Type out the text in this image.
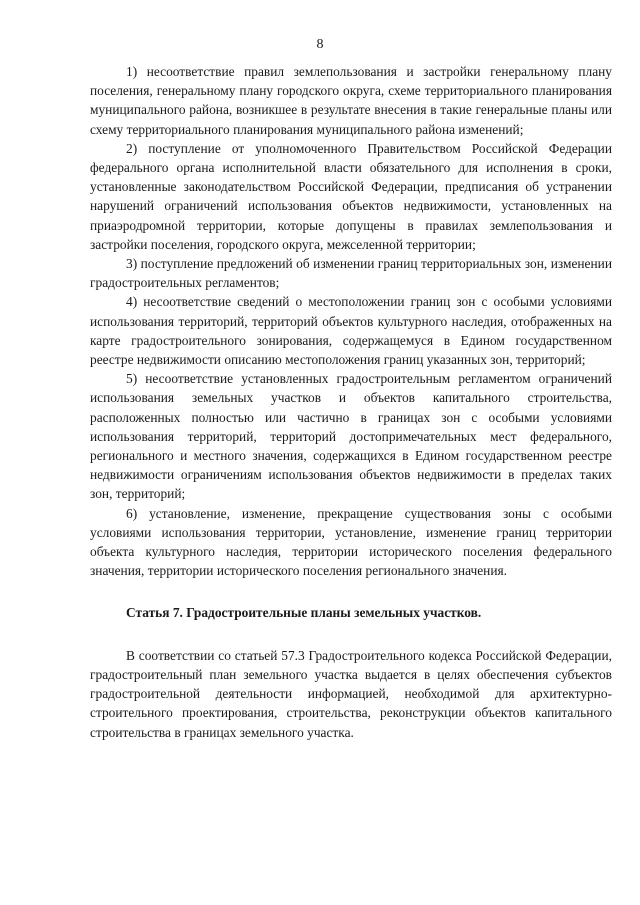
8

1) несоответствие правил землепользования и застройки генеральному плану поселения, генеральному плану городского округа, схеме территориального планирования муниципального района, возникшее в результате внесения в такие генеральные планы или схему территориального планирования муниципального района изменений;

2) поступление от уполномоченного Правительством Российской Федерации федерального органа исполнительной власти обязательного для исполнения в сроки, установленные законодательством Российской Федерации, предписания об устранении нарушений ограничений использования объектов недвижимости, установленных на приаэродромной территории, которые допущены в правилах землепользования и застройки поселения, городского округа, межселенной территории;

3) поступление предложений об изменении границ территориальных зон, изменении градостроительных регламентов;

4) несоответствие сведений о местоположении границ зон с особыми условиями использования территорий, территорий объектов культурного наследия, отображенных на карте градостроительного зонирования, содержащемуся в Едином государственном реестре недвижимости описанию местоположения границ указанных зон, территорий;

5) несоответствие установленных градостроительным регламентом ограничений использования земельных участков и объектов капитального строительства, расположенных полностью или частично в границах зон с особыми условиями использования территорий, территорий достопримечательных мест федерального, регионального и местного значения, содержащихся в Едином государственном реестре недвижимости ограничениям использования объектов недвижимости в пределах таких зон, территорий;

6) установление, изменение, прекращение существования зоны с особыми условиями использования территории, установление, изменение границ территории объекта культурного наследия, территории исторического поселения федерального значения, территории исторического поселения регионального значения.

Статья 7. Градостроительные планы земельных участков.

В соответствии со статьей 57.3 Градостроительного кодекса Российской Федерации, градостроительный план земельного участка выдается в целях обеспечения субъектов градостроительной деятельности информацией, необходимой для архитектурно-строительного проектирования, строительства, реконструкции объектов капитального строительства в границах земельного участка.
